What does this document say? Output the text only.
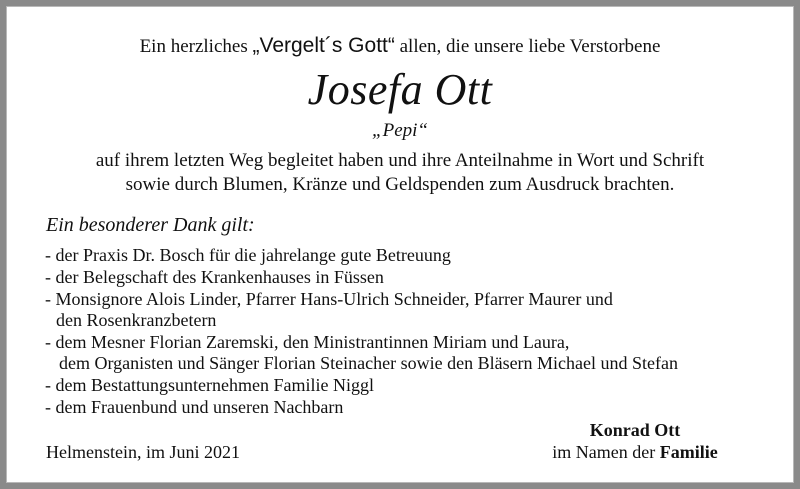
Ein herzliches „Vergelt´s Gott“ allen, die unsere liebe Verstorbene
Josefa Ott
„Pepi“
auf ihrem letzten Weg begleitet haben und ihre Anteilnahme in Wort und Schrift
sowie durch Blumen, Kränze und Geldspenden zum Ausdruck brachten.
Ein besonderer Dank gilt:
- der Praxis Dr. Bosch für die jahrelange gute Betreuung
- der Belegschaft des Krankenhauses in Füssen
- Monsignore Alois Linder, Pfarrer Hans-Ulrich Schneider, Pfarrer Maurer und
den Rosenkranzbetern
- dem Mesner Florian Zaremski, den Ministrantinnen Miriam und Laura,
dem Organisten und Sänger Florian Steinacher sowie den Bläsern Michael und Stefan
- dem Bestattungsunternehmen Familie Niggl
- dem Frauenbund und unseren Nachbarn
Helmenstein, im Juni 2021
Konrad Ott
im Namen der Familie
